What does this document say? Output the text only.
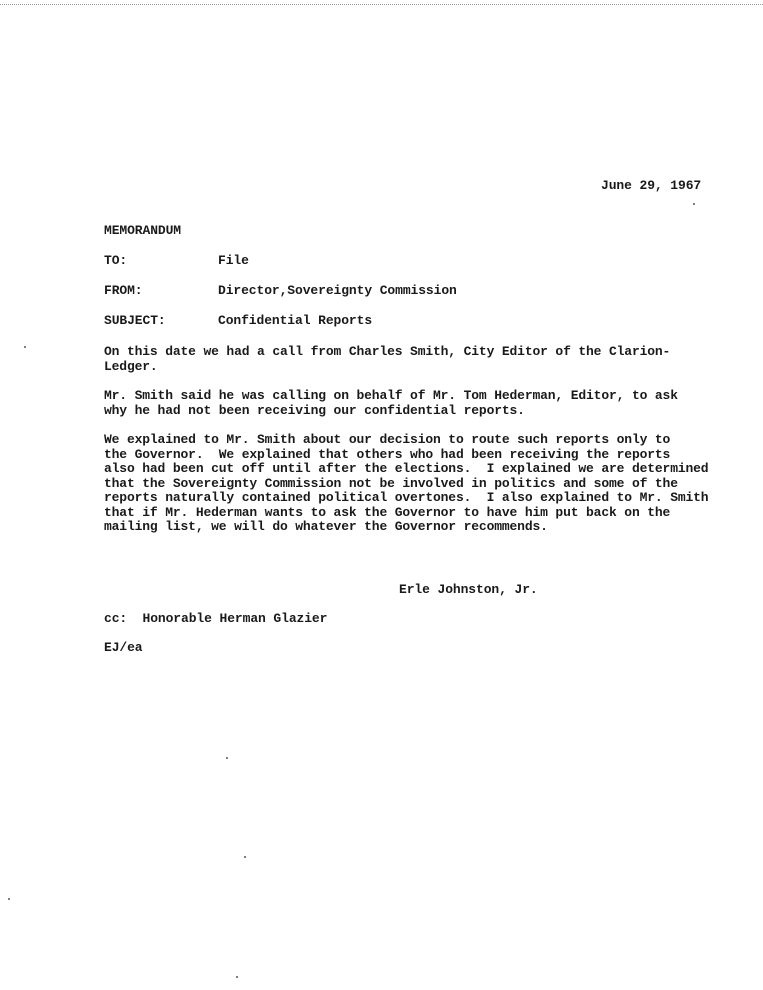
June 29, 1967
MEMORANDUM
TO:	File
FROM:	Director,Sovereignty Commission
SUBJECT:	Confidential Reports
On this date we had a call from Charles Smith, City Editor of the Clarion-
Ledger.
Mr. Smith said he was calling on behalf of Mr. Tom Hederman, Editor, to ask
why he had not been receiving our confidential reports.
We explained to Mr. Smith about our decision to route such reports only to
the Governor.  We explained that others who had been receiving the reports
also had been cut off until after the elections.  I explained we are determined
that the Sovereignty Commission not be involved in politics and some of the
reports naturally contained political overtones.  I also explained to Mr. Smith
that if Mr. Hederman wants to ask the Governor to have him put back on the
mailing list, we will do whatever the Governor recommends.
Erle Johnston, Jr.
cc:  Honorable Herman Glazier
EJ/ea
